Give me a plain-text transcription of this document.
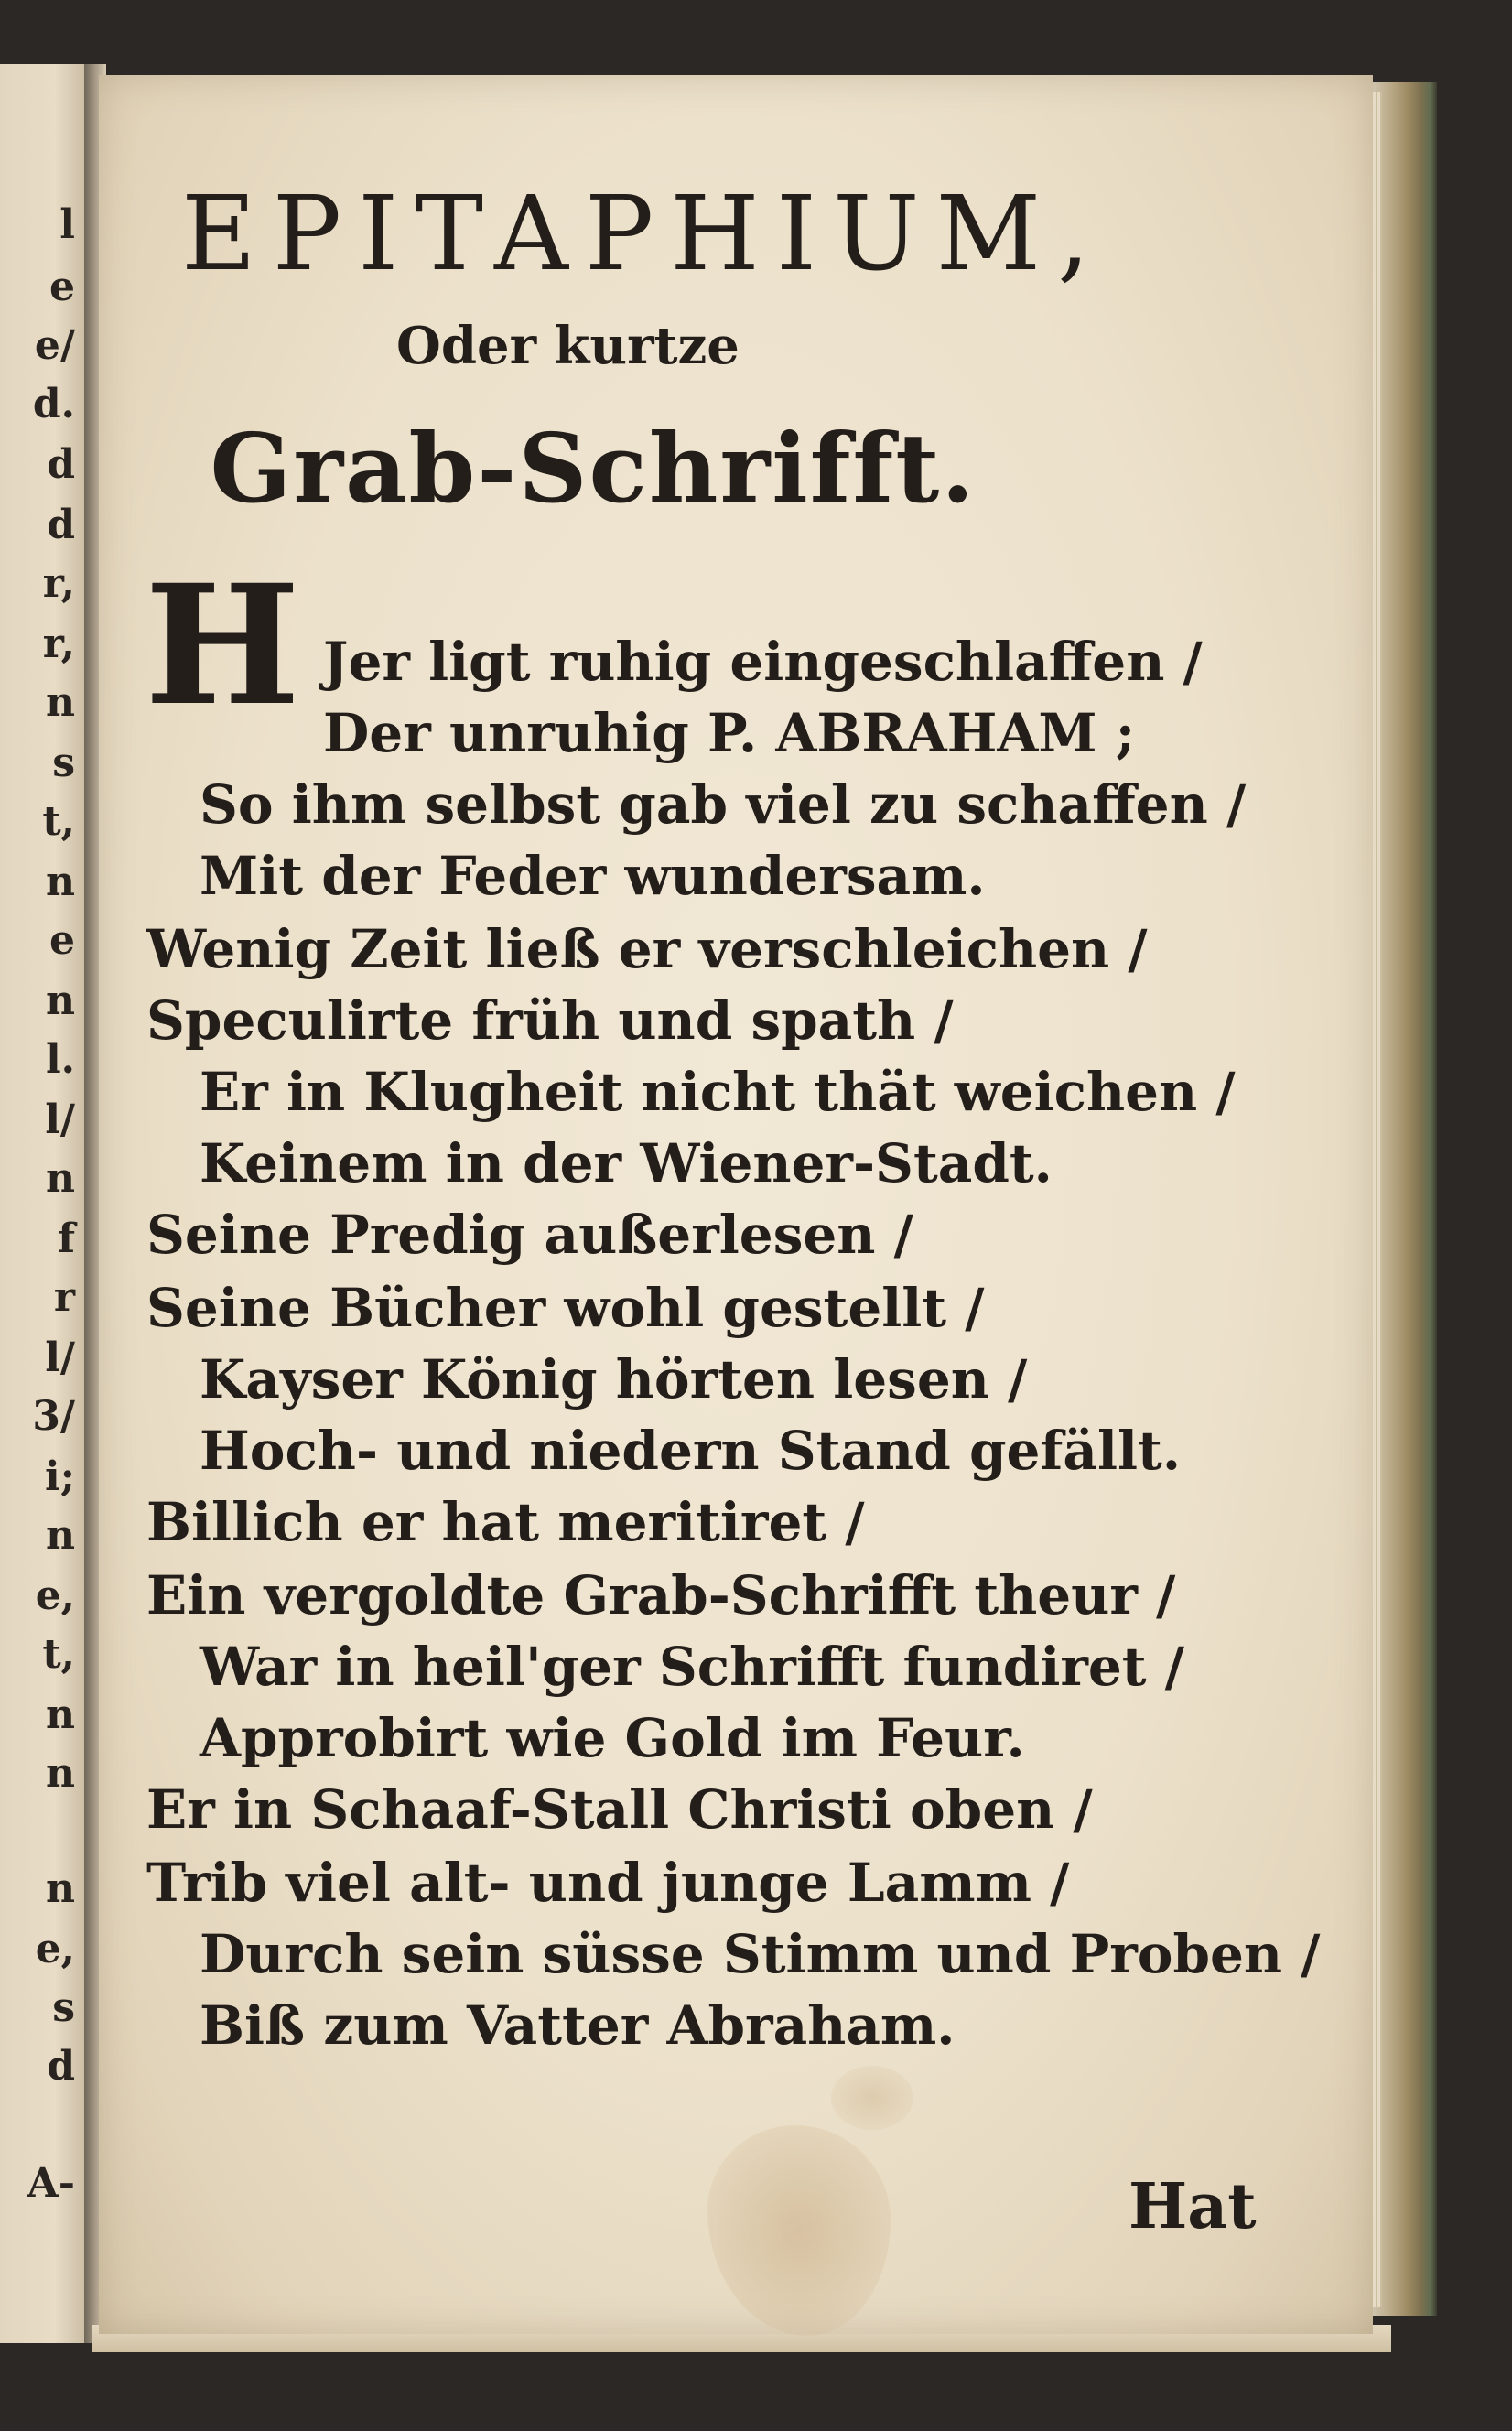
l
e
e/
d.
d
d
r,
r,
n
s
t,
n
e
n
l.
l/
n
f
r
l/
3/
i;
n
e,
t,
n
n
n
e,
s
d
A-
EPITAPHIUM,
Oder kurtze
Grab-Schrifft.
H Jer ligt ruhig eingeschlaffen /
Der unruhig P. ABRAHAM ;
So ihm selbst gab viel zu schaffen /
Mit der Feder wundersam.
Wenig Zeit ließ er verschleichen /
Speculirte früh und spath /
Er in Klugheit nicht thät weichen /
Keinem in der Wiener-Stadt.
Seine Predig außerlesen /
Seine Bücher wohl gestellt /
Kayser König hörten lesen /
Hoch- und niedern Stand gefällt.
Billich er hat meritiret /
Ein vergoldte Grab-Schrifft theur /
War in heil'ger Schrifft fundiret /
Approbirt wie Gold im Feur.
Er in Schaaf-Stall Christi oben /
Trib viel alt- und junge Lamm /
Durch sein süsse Stimm und Proben /
Biß zum Vatter Abraham.
Hat
